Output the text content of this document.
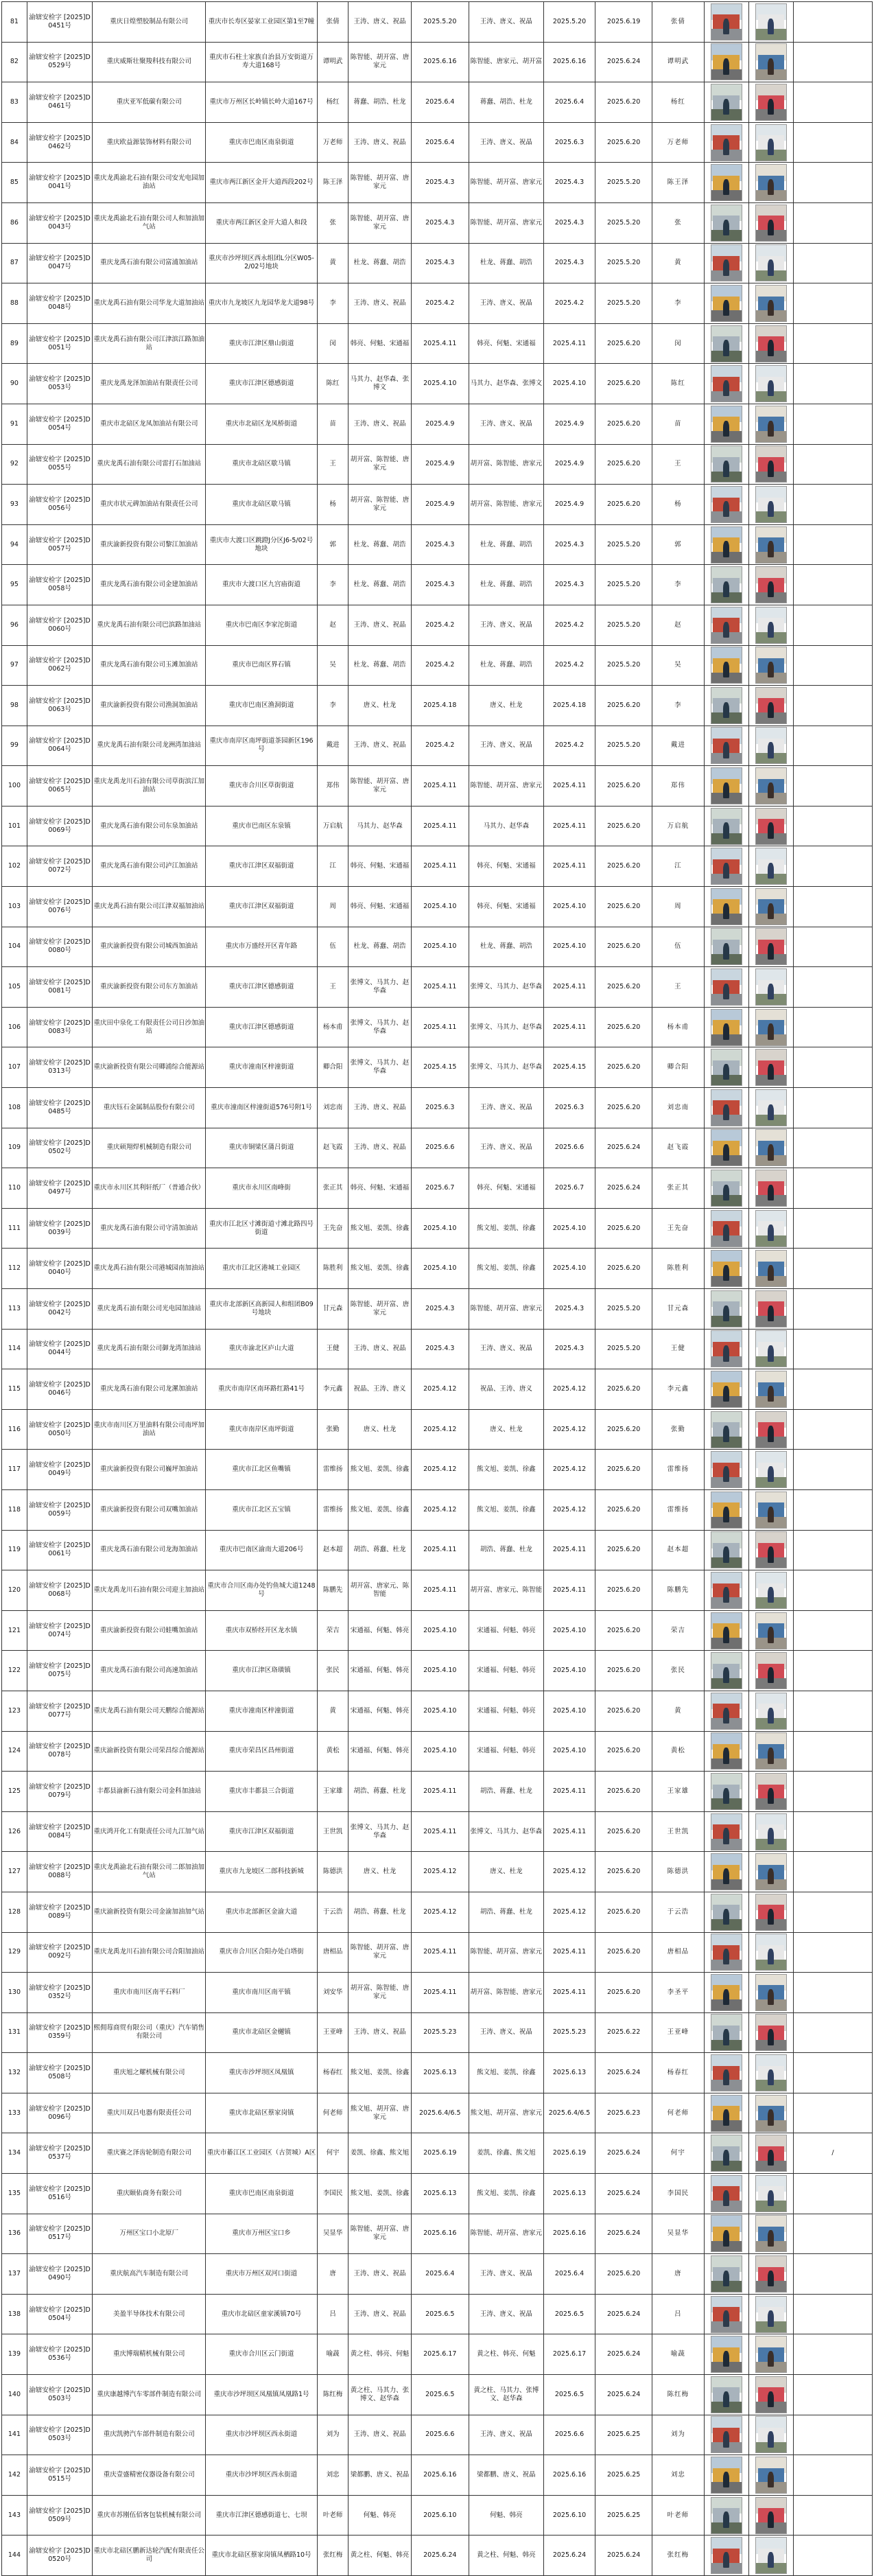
81	渝辖安检字 [2025]D0451号	重庆日煌塑胶制品有限公司	重庆市长寿区晏家工业园区第1至7幢	张倩	王涛、唐义、祝晶	2025.5.20	王涛、唐义、祝晶	2025.5.20	2025.6.19	张倩	

82	渝辖安检字 [2025]D0529号	重庆威斯壮聚羧科技有限公司	重庆市石柱土家族自治县万安街道万寿大道168号	谭明武	陈智能、胡开富、唐家元	2025.6.16	陈智能、唐家元、胡开富	2025.6.16	2025.6.24	谭明武	

83	渝辖安检字 [2025]D0461号	重庆亚军低碳有限公司	重庆市万州区长岭镇长岭大道167号	杨红	蒋蠢、胡浩、杜龙	2025.6.4	蒋蠢、胡浩、杜龙	2025.6.4	2025.6.20	杨红	

84	渝辖安检字 [2025]D0462号	重庆欧益源装饰材料有限公司	重庆市巴南区南泉街道	万老师	王涛、唐义、祝晶	2025.6.4	王涛、唐义、祝晶	2025.6.3	2025.6.20	万老师	

85	渝辖安检字 [2025]D0041号	重庆龙禹渝北石油有限公司安光电园加油站	重庆市两江新区金开大道西段202号	陈王泽	陈智能、胡开富、唐家元	2025.4.3	陈智能、胡开富、唐家元	2025.4.3	2025.5.20	陈王泽	

86	渝辖安检字 [2025]D0043号	重庆龙禹渝北石油有限公司人和加油加气站	重庆市两江新区金开大道人和段	张	陈智能、胡开富、唐家元	2025.4.3	陈智能、胡开富、唐家元	2025.4.3	2025.5.20	张	

87	渝辖安检字 [2025]D0047号	重庆龙禹石油有限公司富浦加油站	重庆市沙坪坝区西永组团L分区W05-2/02号地块	黄	杜龙、蒋蠢、胡浩	2025.4.3	杜龙、蒋蠢、胡浩	2025.4.3	2025.5.20	黄	

88	渝辖安检字 [2025]D0048号	重庆龙禹石油有限公司华龙大道加油站	重庆市九龙坡区九龙园华龙大道98号	李	王涛、唐义、祝晶	2025.4.2	王涛、唐义、祝晶	2025.4.2	2025.5.20	李	

89	渝辖安检字 [2025]D0051号	重庆龙禹石油有限公司江津滨江路加油站	重庆市江津区鼎山街道	闵	韩亮、何魁、宋通福	2025.4.11	韩亮、何魁、宋通福	2025.4.11	2025.6.20	闵	

90	渝辖安检字 [2025]D0053号	重庆龙禹龙泽加油站有限责任公司	重庆市江津区德感街道	陈红	马其力、赵华森、张博文	2025.4.10	马其力、赵华森、张博文	2025.4.10	2025.6.20	陈红	

91	渝辖安检字 [2025]D0054号	重庆市北碚区龙凤加油站有限公司	重庆市北碚区龙凤桥街道	苗	王涛、唐义、祝晶	2025.4.9	王涛、唐义、祝晶	2025.4.9	2025.6.20	苗	

92	渝辖安检字 [2025]D0055号	重庆龙禹石油有限公司雷打石加油站	重庆市北碚区歇马镇	王	胡开富、陈智能、唐家元	2025.4.9	胡开富、陈智能、唐家元	2025.4.9	2025.6.20	王	

93	渝辖安检字 [2025]D0056号	重庆市状元碑加油站有限责任公司	重庆市北碚区歇马镇	杨	胡开富、陈智能、唐家元	2025.4.9	胡开富、陈智能、唐家元	2025.4.9	2025.6.20	杨	

94	渝辖安检字 [2025]D0057号	重庆渝新投资有限公司黎江加油站	重庆市大渡口区跳蹬J分区J6-5/02号地块	郭	杜龙、蒋蠢、胡浩	2025.4.3	杜龙、蒋蠢、胡浩	2025.4.3	2025.5.20	郭	

95	渝辖安检字 [2025]D0058号	重庆龙禹石油有限公司金建加油站	重庆市大渡口区九宫庙街道	李	杜龙、蒋蠢、胡浩	2025.4.3	杜龙、蒋蠢、胡浩	2025.4.3	2025.5.20	李	

96	渝辖安检字 [2025]D0060号	重庆龙禹石油有限公司巴滨路加油站	重庆市巴南区李家沱街道	赵	王涛、唐义、祝晶	2025.4.2	王涛、唐义、祝晶	2025.4.2	2025.5.20	赵	

97	渝辖安检字 [2025]D0062号	重庆龙禹石油有限公司玉滩加油站	重庆市巴南区界石镇	吴	杜龙、蒋蠢、胡浩	2025.4.2	杜龙、蒋蠢、胡浩	2025.4.2	2025.5.20	吴	

98	渝辖安检字 [2025]D0063号	重庆渝新投资有限公司渔洞加油站	重庆市巴南区渔洞街道	李	唐义、杜龙	2025.4.18	唐义、杜龙	2025.4.18	2025.6.20	李	

99	渝辖安检字 [2025]D0064号	重庆龙禹石油有限公司龙洲湾加油站	重庆市南岸区南坪街道茶园新区196号	戴进	王涛、唐义、祝晶	2025.4.2	王涛、唐义、祝晶	2025.4.2	2025.5.20	戴进	

100	渝辖安检字 [2025]D0065号	重庆龙禹龙川石油有限公司草街滨江加油站	重庆市合川区草街街道	郑伟	陈智能、胡开富、唐家元	2025.4.11	陈智能、胡开富、唐家元	2025.4.11	2025.6.20	郑伟	

101	渝辖安检字 [2025]D0069号	重庆龙禹石油有限公司东泉加油站	重庆市巴南区东泉镇	万启航	马其力、赵华森	2025.4.11	马其力、赵华森	2025.4.11	2025.6.20	万启航	

102	渝辖安检字 [2025]D0072号	重庆龙禹石油有限公司泸江加油站	重庆市江津区双福街道	江	韩亮、何魁、宋通福	2025.4.11	韩亮、何魁、宋通福	2025.4.11	2025.6.20	江	

103	渝辖安检字 [2025]D0076号	重庆龙禹石油有限公司江津双福加油站	重庆市江津区双福街道	周	韩亮、何魁、宋通福	2025.4.10	韩亮、何魁、宋通福	2025.4.10	2025.6.20	周	

104	渝辖安检字 [2025]D0080号	重庆渝新投资有限公司城西加油站	重庆市万盛经开区青年路	伍	杜龙、蒋蠢、胡浩	2025.4.10	杜龙、蒋蠢、胡浩	2025.4.10	2025.6.20	伍	

105	渝辖安检字 [2025]D0081号	重庆渝新投资有限公司东方加油站	重庆市江津区德感街道	王	张博文、马其力、赵华森	2025.4.11	张博文、马其力、赵华森	2025.4.11	2025.6.20	王	

106	渝辖安检字 [2025]D0083号	重庆田中泉化工有限责任公司日沙加油站	重庆市江津区德感街道	杨本甫	张博文、马其力、赵华森	2025.4.11	张博文、马其力、赵华森	2025.4.11	2025.6.20	杨本甫	

107	渝辖安检字 [2025]D0313号	重庆渝新投资有限公司卿浦综合能源站	重庆市潼南区梓潼街道	卿合阳	张博文、马其力、赵华森	2025.4.15	张博文、马其力、赵华森	2025.4.15	2025.6.20	卿合阳	

108	渝辖安检字 [2025]D0485号	重庆钰石金属制品股份有限公司	重庆市潼南区梓潼街道576号附1号	刘忠南	王涛、唐义、祝晶	2025.6.3	王涛、唐义、祝晶	2025.6.3	2025.6.20	刘忠南	

109	渝辖安检字 [2025]D0502号	重庆硕翔焊机械制造有限公司	重庆市铜梁区蒲吕街道	赵飞霞	王涛、唐义、祝晶	2025.6.6	王涛、唐义、祝晶	2025.6.6	2025.6.24	赵飞霞	

110	渝辖安检字 [2025]D0497号	重庆市永川区其利轩纸厂（普通合伙）	重庆市永川区南峰街	张正其	韩亮、何魁、宋通福	2025.6.7	韩亮、何魁、宋通福	2025.6.7	2025.6.24	张正其	

111	渝辖安检字 [2025]D0039号	重庆龙禹石油有限公司守清加油站	重庆市江北区寸滩街道寸滩北路四号街道	王先奋	熊文旭、姜凯、徐鑫	2025.4.10	熊文旭、姜凯、徐鑫	2025.4.10	2025.6.20	王先奋	

112	渝辖安检字 [2025]D0040号	重庆龙禹石油有限公司港城园南加油站	重庆市江北区港城工业园区	陈胜利	熊文旭、姜凯、徐鑫	2025.4.10	熊文旭、姜凯、徐鑫	2025.4.10	2025.6.20	陈胜利	

113	渝辖安检字 [2025]D0042号	重庆龙禹石油有限公司光电园加油站	重庆市北部新区高新园人和组团B09号地块	甘元森	陈智能、胡开富、唐家元	2025.4.3	陈智能、胡开富、唐家元	2025.4.3	2025.5.20	甘元森	

114	渝辖安检字 [2025]D0044号	重庆龙禹石油有限公司御龙湾加油站	重庆市渝北区庐山大道	王健	王涛、唐义、祝晶	2025.4.3	王涛、唐义、祝晶	2025.4.3	2025.5.20	王健	

115	渝辖安检字 [2025]D0046号	重庆龙禹石油有限公司龙漯加油站	重庆市南岸区南环路红路41号	李元鑫	祝晶、王涛、唐义	2025.4.12	祝晶、王涛、唐义	2025.4.12	2025.6.20	李元鑫	

116	渝辖安检字 [2025]D0050号	重庆市南川区万里油料有限公司南坪加油站	重庆市南岸区南坪街道	张勤	唐义、杜龙	2025.4.12	唐义、杜龙	2025.4.12	2025.6.20	张勤	

117	渝辖安检字 [2025]D0049号	重庆渝新投资有限公司巍坪加油站	重庆市江北区鱼嘴镇	雷维扬	熊文旭、姜凯、徐鑫	2025.4.12	熊文旭、姜凯、徐鑫	2025.4.12	2025.6.20	雷维扬	

118	渝辖安检字 [2025]D0059号	重庆渝新投资有限公司双嘴加油站	重庆市江北区五宝镇	雷维扬	熊文旭、姜凯、徐鑫	2025.4.12	熊文旭、姜凯、徐鑫	2025.4.12	2025.6.20	雷维扬	

119	渝辖安检字 [2025]D0061号	重庆龙禹石油有限公司龙海加油站	重庆市巴南区渝南大道206号	赵本超	胡浩、蒋蠢、杜龙	2025.4.11	胡浩、蒋蠢、杜龙	2025.4.11	2025.6.20	赵本超	

120	渝辖安检字 [2025]D0068号	重庆龙禹龙川石油有限公司迎主加油站	重庆市合川区南办处钓鱼城大道1248号	陈鹏先	胡开富、唐家元、陈智能	2025.4.11	胡开富、唐家元、陈智能	2025.4.11	2025.6.20	陈鹏先	

121	渝辖安检字 [2025]D0074号	重庆渝新投资有限公司蛙嘴加油站	重庆市双桥经开区龙水镇	荣吉	宋通福、何魁、韩亮	2025.4.10	宋通福、何魁、韩亮	2025.4.10	2025.6.20	荣吉	

122	渝辖安检字 [2025]D0075号	重庆龙禹石油有限公司高速加油站	重庆市江津区珞璜镇	张民	宋通福、何魁、韩亮	2025.4.10	宋通福、何魁、韩亮	2025.4.10	2025.6.20	张民	

123	渝辖安检字 [2025]D0077号	重庆龙禹石油有限公司天鹏综合能源站	重庆市潼南区梓潼街道	黄	宋通福、何魁、韩亮	2025.4.10	宋通福、何魁、韩亮	2025.4.10	2025.6.20	黄	

124	渝辖安检字 [2025]D0078号	重庆渝新投资有限公司荣昌综合能源站	重庆市荣昌区昌州街道	黄松	宋通福、何魁、韩亮	2025.4.10	宋通福、何魁、韩亮	2025.4.10	2025.6.20	黄松	

125	渝辖安检字 [2025]D0079号	丰都县渝新石油有限公司金科加油站	重庆市丰都县三合街道	王家雄	胡浩、蒋蠢、杜龙	2025.4.11	胡浩、蒋蠢、杜龙	2025.4.11	2025.6.20	王家雄	

126	渝辖安检字 [2025]D0084号	重庆鸿开化工有限责任公司九江加气站	重庆市江津区双福街道	王世凯	张博文、马其力、赵华森	2025.4.11	张博文、马其力、赵华森	2025.4.11	2025.6.20	王世凯	

127	渝辖安检字 [2025]D0088号	重庆龙禹渝北石油有限公司二郎加油加气站	重庆市九龙坡区二郎科技新城	陈德洪	唐义、杜龙	2025.4.12	唐义、杜龙	2025.4.12	2025.6.20	陈德洪	

128	渝辖安检字 [2025]D0089号	重庆渝新投资有限公司金渝加油加气站	重庆市北部新区金渝大道	于云浩	胡浩、蒋蠢、杜龙	2025.4.12	胡浩、蒋蠢、杜龙	2025.4.12	2025.6.20	于云浩	

129	渝辖安检字 [2025]D0092号	重庆龙禹龙川石油有限公司合阳加油站	重庆市合川区合阳办处白塔街	唐相品	陈智能、胡开富、唐家元	2025.4.11	陈智能、胡开富、唐家元	2025.4.11	2025.6.20	唐相品	

130	渝辖安检字 [2025]D0352号	重庆市南川区南平石料厂	重庆市南川区南平镇	刘安华	胡开富、陈智能、唐家元	2025.4.11	胡开富、陈智能、唐家元	2025.4.11	2025.6.20	李圣平	

131	渝辖安检字 [2025]D0359号	熙佣莓商贸有限公司（重庆）汽车销售有限公司	重庆市北碚区金樾镇	王亚峰	王涛、唐义、祝晶	2025.5.23	王涛、唐义、祝晶	2025.5.23	2025.6.22	王亚峰	

132	渝辖安检字 [2025]D0508号	重庆旭之耀机械有限公司	重庆市沙坪坝区凤凰镇	杨春红	熊文旭、姜凯、徐鑫	2025.6.13	熊文旭、姜凯、徐鑫	2025.6.13	2025.6.24	杨春红	

133	渝辖安检字 [2025]D0096号	重庆川双吕电器有限责任公司	重庆市北碚区蔡家岗镇	何老师	熊文旭、胡开富、唐家元	2025.6.4/6.5	熊文旭、胡开富、唐家元	2025.6.4/6.5	2025.6.23	何老师	

134	渝辖安检字 [2025]D0537号	重庆赛之泽齿轮制造有限公司	重庆市綦江区工业园区（古贺城）A区	何宇	姜凯、徐鑫、熊文旭	2025.6.19	姜凯、徐鑫、熊文旭	2025.6.19	2025.6.24	何宇			/
135	渝辖安检字 [2025]D0516号	重庆颐佑商务有限公司	重庆市巴南区南泉街道	李国民	熊文旭、姜凯、徐鑫	2025.6.13	熊文旭、姜凯、徐鑫	2025.6.13	2025.6.24	李国民	

136	渝辖安检字 [2025]D0517号	万州区宝口小北原厂	重庆市万州区宝口乡	吴显华	陈智能、胡开富、唐家元	2025.6.16	陈智能、胡开富、唐家元	2025.6.16	2025.6.24	吴显华	

137	渝辖安检字 [2025]D0490号	重庆航高汽车制造有限公司	重庆市万州区双河口街道	唐	王涛、唐义、祝晶	2025.6.4	王涛、唐义、祝晶	2025.6.4	2025.6.20	唐	

138	渝辖安检字 [2025]D0504号	美盈半导体技术有限公司	重庆市北碚区童家溪镇70号	吕	王涛、唐义、祝晶	2025.6.5	王涛、唐义、祝晶	2025.6.5	2025.6.24	吕	

139	渝辖安检字 [2025]D0536号	重庆博瑞精机械有限公司	重庆市合川区云门街道	喻蔬	黄之柱、韩亮、何魁	2025.6.17	黄之柱、韩亮、何魁	2025.6.17	2025.6.24	喻蔬	

140	渝辖安检字 [2025]D0503号	重庆康越博汽车零部件制造有限公司	重庆市沙坪坝区凤凰镇凤凰路1号	陈红梅	黄之柱、马其力、张博文、赵华森	2025.6.5	黄之柱、马其力、张博文、赵华森	2025.6.5	2025.6.24	陈红梅	

141	渝辖安检字 [2025]D0503号	重庆凯骋汽车部件制造有限公司	重庆市沙坪坝区西永街道	刘为	王涛、唐义、祝晶	2025.6.6	王涛、唐义、祝晶	2025.6.6	2025.6.25	刘为	

142	渝辖安检字 [2025]D0515号	重庆壹盛精密仪器设备有限公司	重庆市沙坪坝区西永街道	刘忠	梁都鹏、唐义、祝晶	2025.6.16	梁都鹏、唐义、祝晶	2025.6.16	2025.6.25	刘忠	

143	渝辖安检字 [2025]D0509号	重庆市苏刚伍佰客包装机械有限公司	重庆市江津区德感街道七、七坝	叶老师	何魁、韩亮	2025.6.10	何魁、韩亮	2025.6.10	2025.6.25	叶老师	

144	渝辖安检字 [2025]D0520号	重庆市北碚区鹏新达轮汽配有限责任公司	重庆市北碚区蔡家岗镇凤栖路10号	张红梅	黄之柱、何魁、韩亮	2025.6.24	黄之柱、何魁、韩亮	2025.6.24	2025.6.24	张红梅	
